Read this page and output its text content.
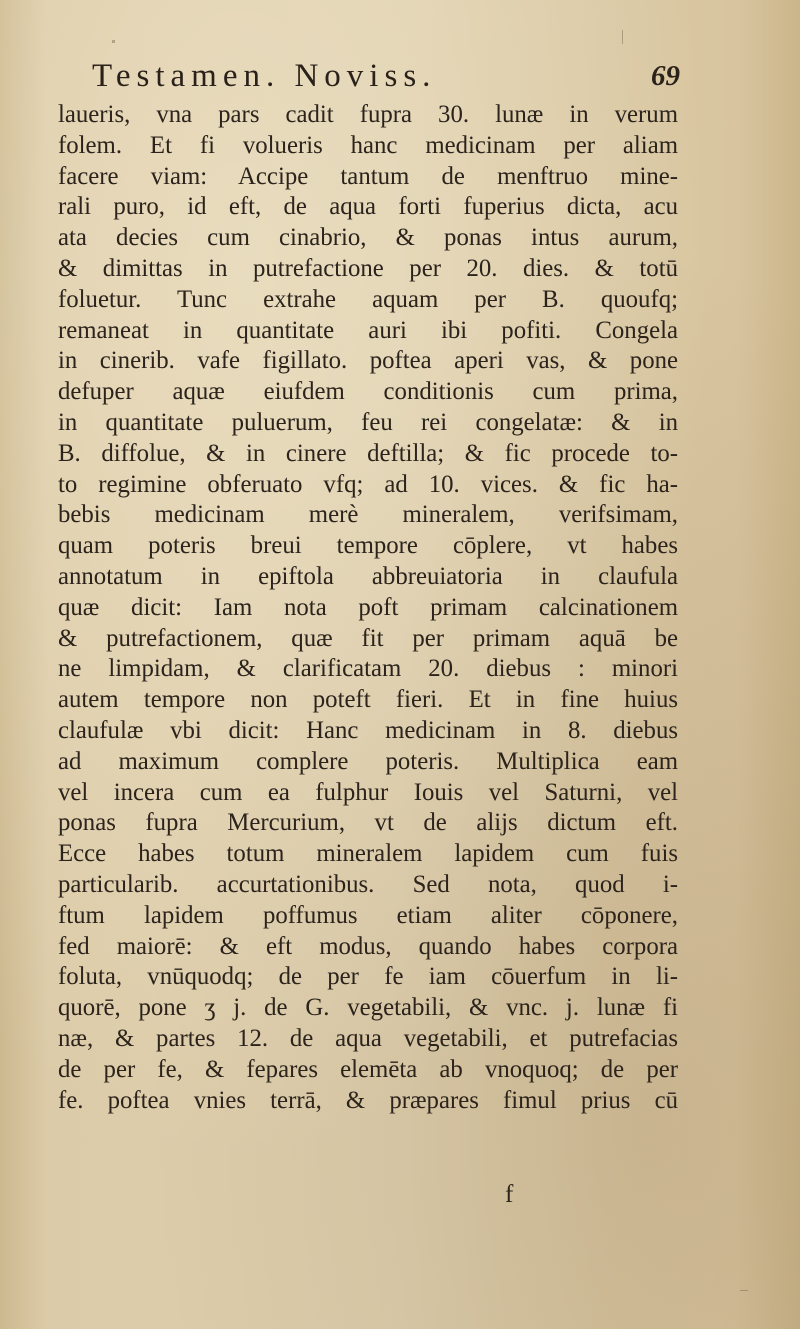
Testamen. Noviss.	69
laueris, vna pars cadit fupra 30. lunæ in verum
folem. Et fi volueris hanc medicinam per aliam
facere viam: Accipe tantum de menftruo mine-
rali puro, id eft, de aqua forti fuperius dicta, acu
ata decies cum cinabrio, & ponas intus aurum,
& dimittas in putrefactione per 20. dies. & totū
foluetur. Tunc extrahe aquam per B. quoufq;
remaneat in quantitate auri ibi pofiti. Congela
in cinerib. vafe figillato. poftea aperi vas, & pone
defuper aquæ eiufdem conditionis cum prima,
in quantitate puluerum, feu rei congelatæ: & in
B. diffolue, & in cinere deftilla; & fic procede to-
to regimine obferuato vfq; ad 10. vices. & fic ha-
bebis medicinam merè mineralem, verifsimam,
quam poteris breui tempore cōplere, vt habes
annotatum in epiftola abbreuiatoria in claufula
quæ dicit: Iam nota poft primam calcinationem
& putrefactionem, quæ fit per primam aquā be
ne limpidam, & clarificatam 20. diebus : minori
autem tempore non poteft fieri. Et in fine huius
claufulæ vbi dicit: Hanc medicinam in 8. diebus
ad maximum complere poteris. Multiplica eam
vel incera cum ea fulphur Iouis vel Saturni, vel
ponas fupra Mercurium, vt de alijs dictum eft.
Ecce habes totum mineralem lapidem cum fuis
particularib. accurtationibus. Sed nota, quod i-
ftum lapidem poffumus etiam aliter cōponere,
fed maiorē: & eft modus, quando habes corpora
foluta, vnūquodq; de per fe iam cōuerfum in li-
quorē, pone ʒ j. de G. vegetabili, & vnc. j. lunæ fi
næ, & partes 12. de aqua vegetabili, et putrefacias
de per fe, & fepares elemēta ab vnoquoq; de per
fe. poftea vnies terrā, & præpares fimul prius cū
f
